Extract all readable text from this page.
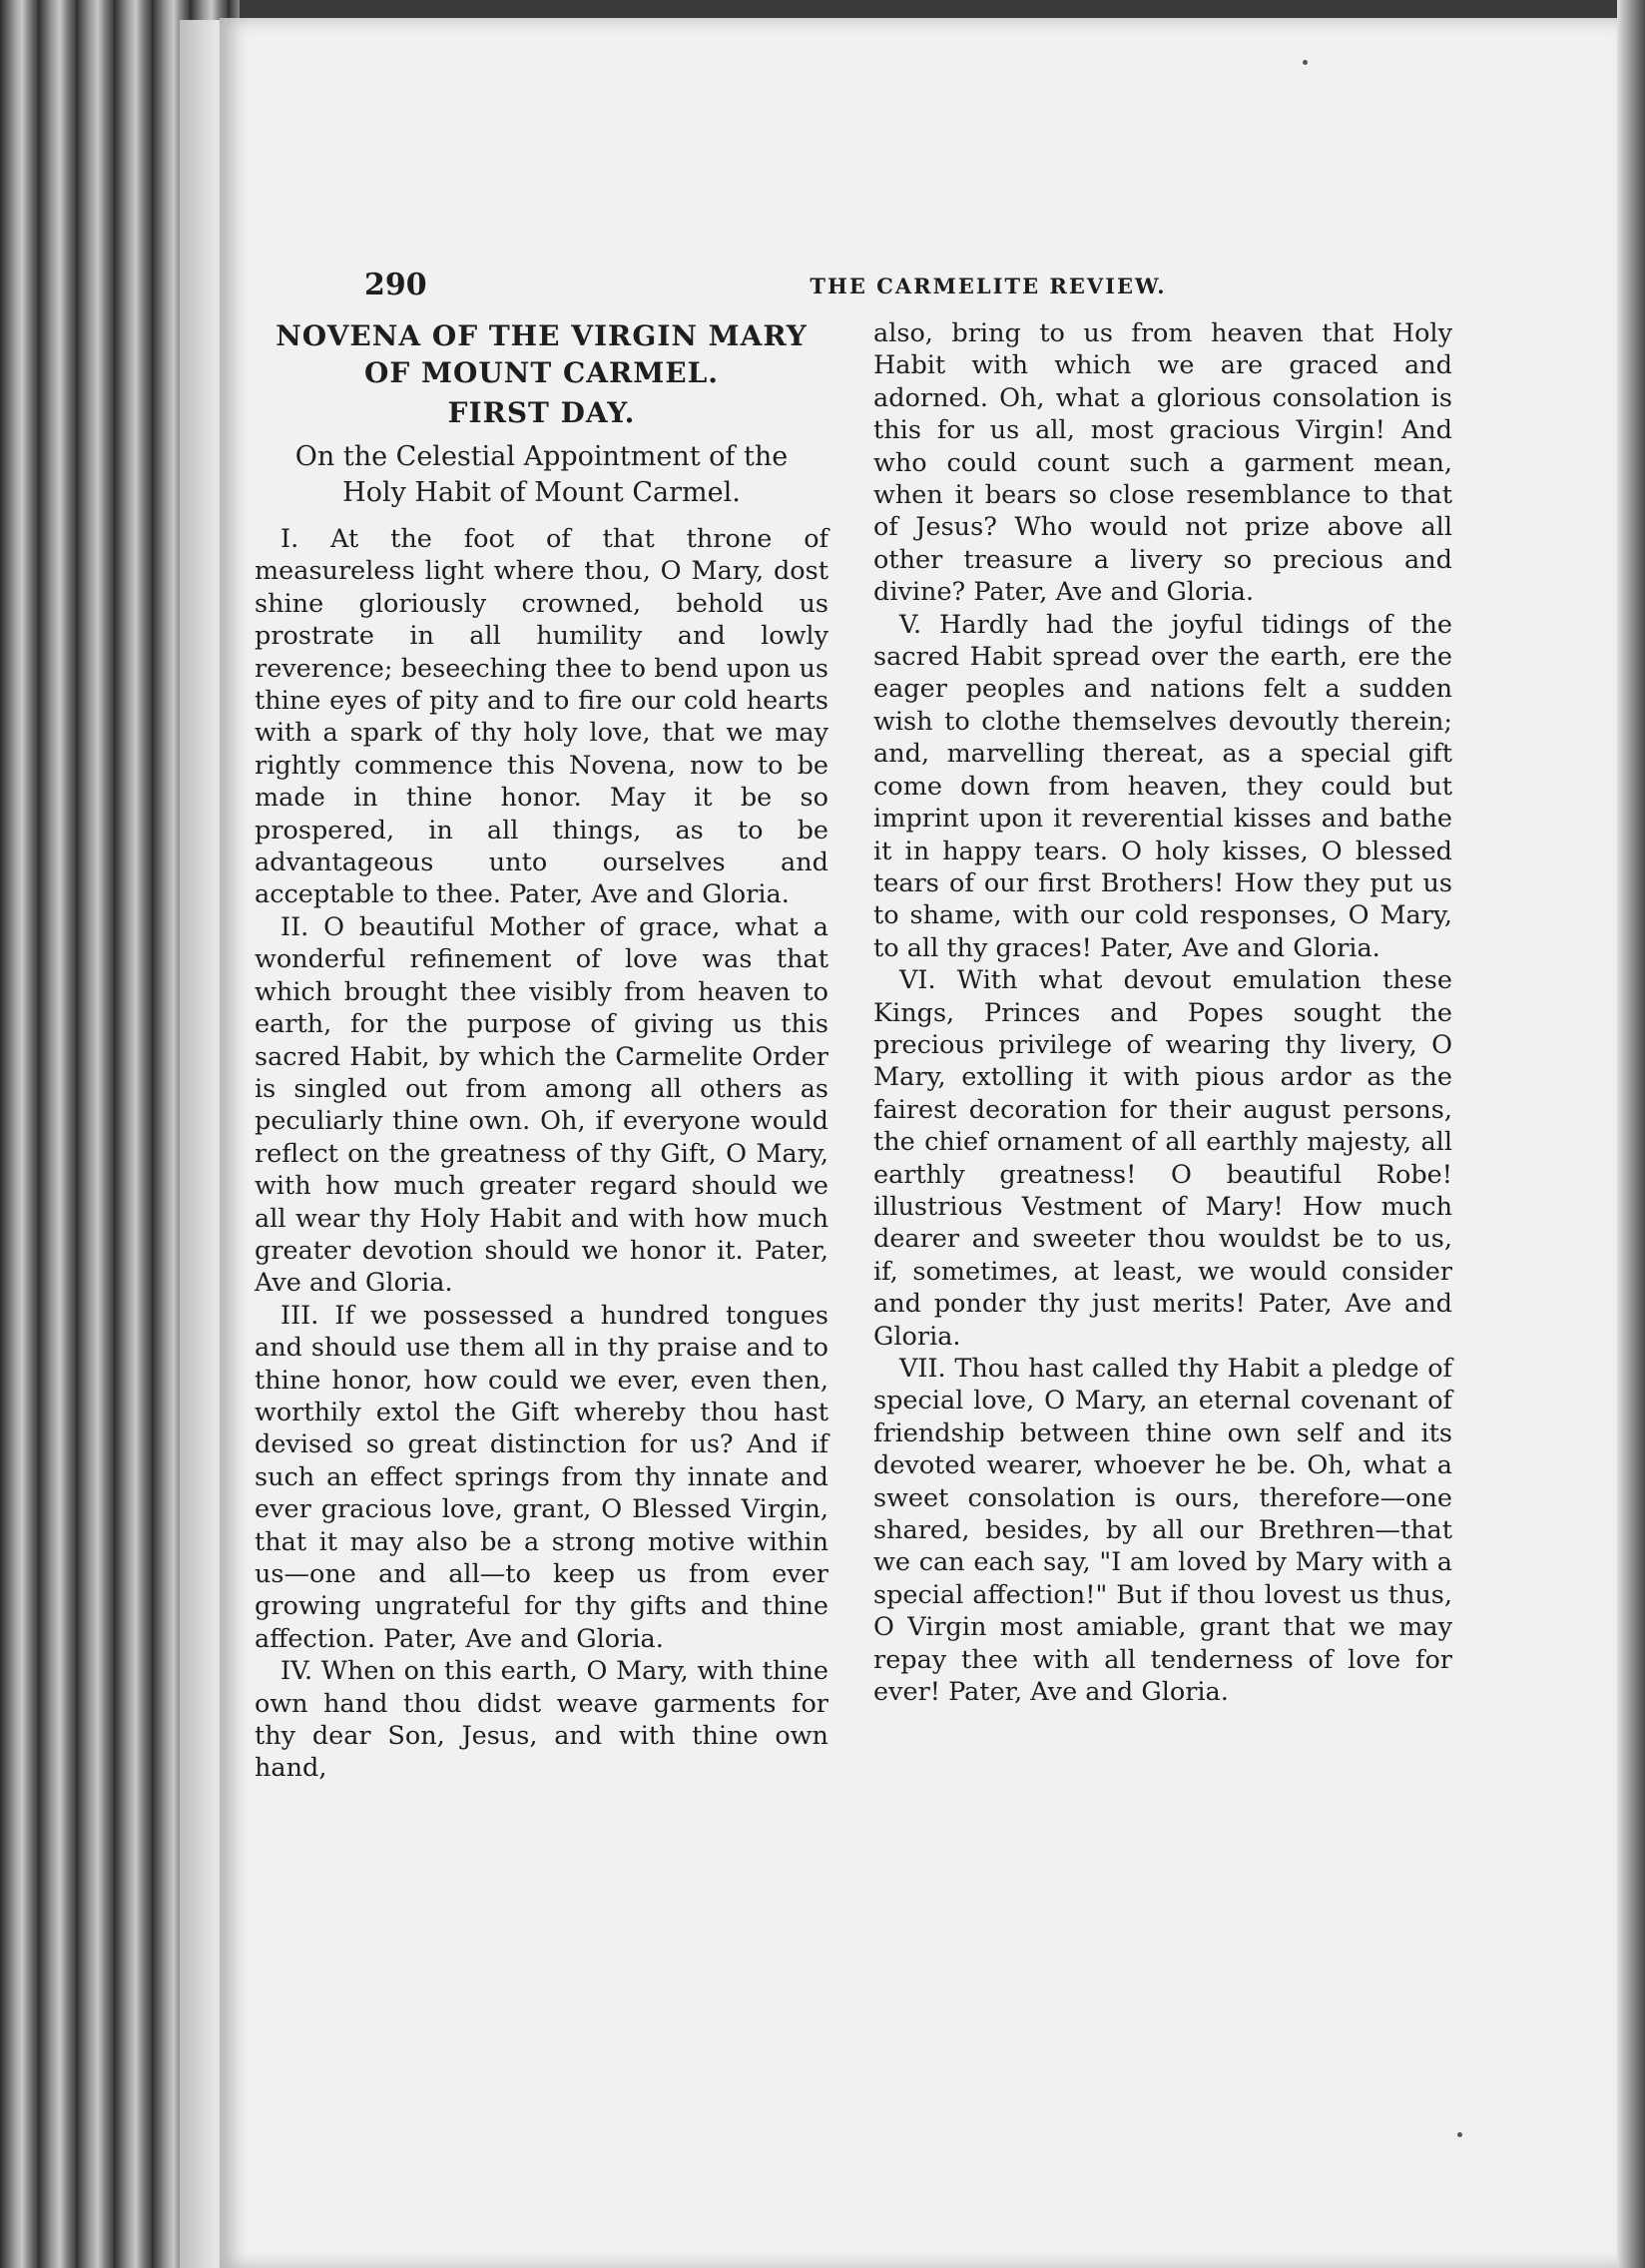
290	THE CARMELITE REVIEW.
NOVENA OF THE VIRGIN MARY OF MOUNT CARMEL.
FIRST DAY.
On the Celestial Appointment of the Holy Habit of Mount Carmel.

I. At the foot of that throne of measureless light where thou, O Mary, dost shine gloriously crowned, behold us prostrate in all humility and lowly reverence; beseeching thee to bend upon us thine eyes of pity and to fire our cold hearts with a spark of thy holy love, that we may rightly commence this Novena, now to be made in thine honor. May it be so prospered, in all things, as to be advantageous unto ourselves and acceptable to thee. Pater, Ave and Gloria.

II. O beautiful Mother of grace, what a wonderful refinement of love was that which brought thee visibly from heaven to earth, for the purpose of giving us this sacred Habit, by which the Carmelite Order is singled out from among all others as peculiarly thine own. Oh, if everyone would reflect on the greatness of thy Gift, O Mary, with how much greater regard should we all wear thy Holy Habit and with how much greater devotion should we honor it. Pater, Ave and Gloria.

III. If we possessed a hundred tongues and should use them all in thy praise and to thine honor, how could we ever, even then, worthily extol the Gift whereby thou hast devised so great distinction for us? And if such an effect springs from thy innate and ever gracious love, grant, O Blessed Virgin, that it may also be a strong motive within us—one and all—to keep us from ever growing ungrateful for thy gifts and thine affection. Pater, Ave and Gloria.

IV. When on this earth, O Mary, with thine own hand thou didst weave garments for thy dear Son, Jesus, and with thine own hand,

also, bring to us from heaven that Holy Habit with which we are graced and adorned. Oh, what a glorious consolation is this for us all, most gracious Virgin! And who could count such a garment mean, when it bears so close resemblance to that of Jesus? Who would not prize above all other treasure a livery so precious and divine? Pater, Ave and Gloria.

V. Hardly had the joyful tidings of the sacred Habit spread over the earth, ere the eager peoples and nations felt a sudden wish to clothe themselves devoutly therein; and, marvelling thereat, as a special gift come down from heaven, they could but imprint upon it reverential kisses and bathe it in happy tears. O holy kisses, O blessed tears of our first Brothers! How they put us to shame, with our cold responses, O Mary, to all thy graces! Pater, Ave and Gloria.

VI. With what devout emulation these Kings, Princes and Popes sought the precious privilege of wearing thy livery, O Mary, extolling it with pious ardor as the fairest decoration for their august persons, the chief ornament of all earthly majesty, all earthly greatness! O beautiful Robe! illustrious Vestment of Mary! How much dearer and sweeter thou wouldst be to us, if, sometimes, at least, we would consider and ponder thy just merits! Pater, Ave and Gloria.

VII. Thou hast called thy Habit a pledge of special love, O Mary, an eternal covenant of friendship between thine own self and its devoted wearer, whoever he be. Oh, what a sweet consolation is ours, therefore—one shared, besides, by all our Brethren—that we can each say, "I am loved by Mary with a special affection!" But if thou lovest us thus, O Virgin most amiable, grant that we may repay thee with all tenderness of love for ever! Pater, Ave and Gloria.
